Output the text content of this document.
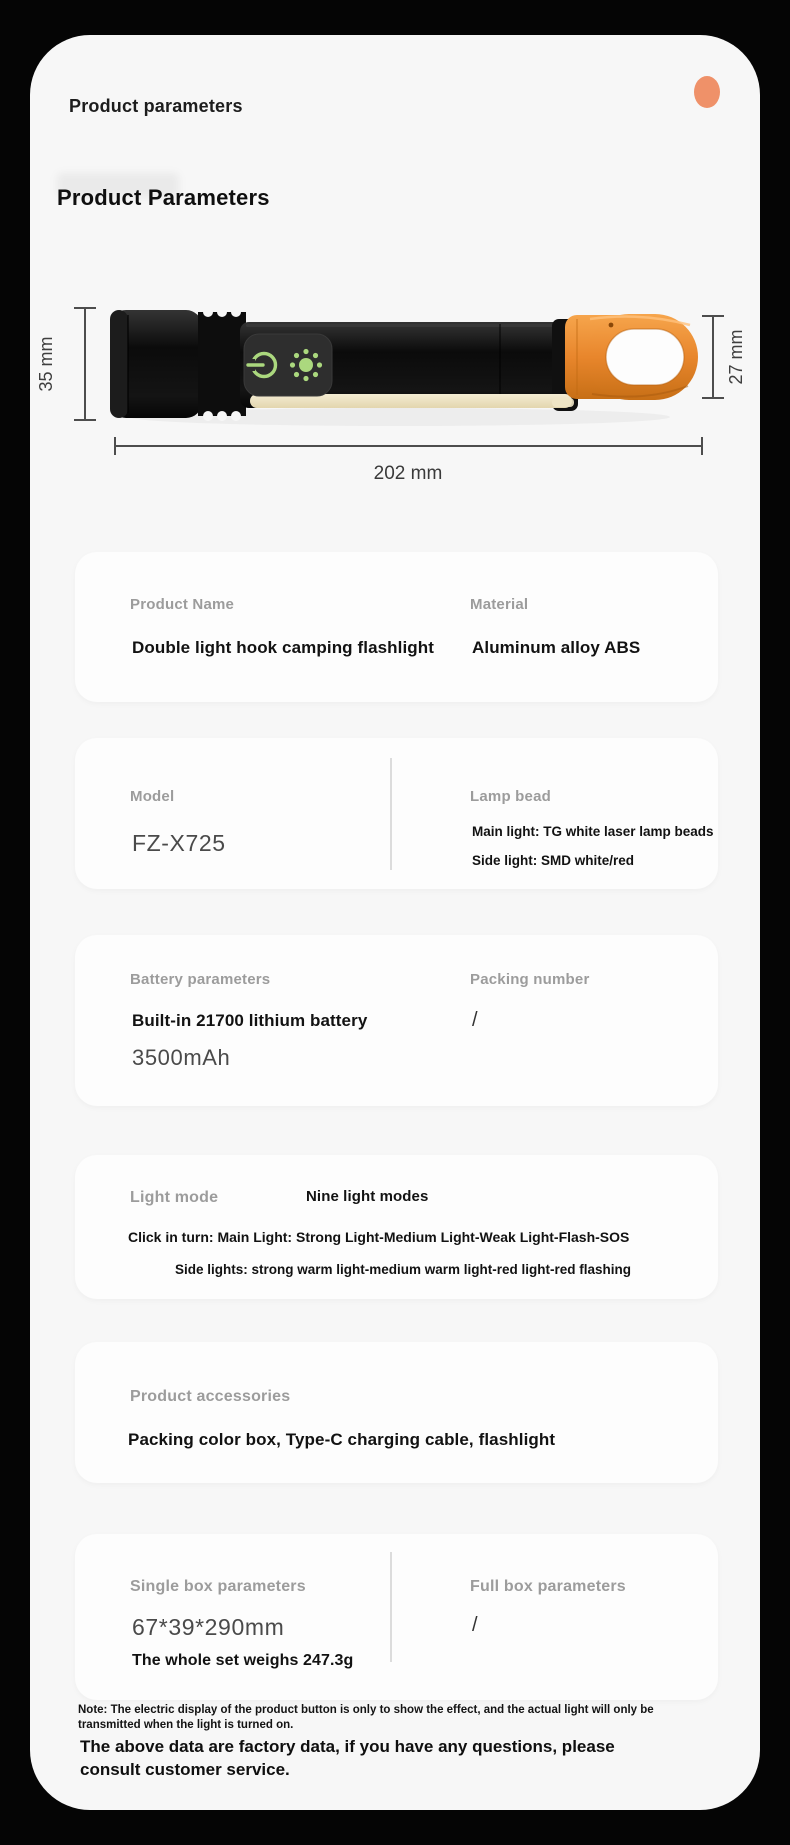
Product parameters
Product Parameters
35 mm	27 mm
202 mm
Product Name
Double light hook camping flashlight
Material
Aluminum alloy ABS
Model
FZ-X725
Lamp bead
Main light: TG white laser lamp beads
Side light: SMD white/red
Battery parameters
Built-in 21700 lithium battery
3500mAh
Packing number
/
Light mode	Nine light modes
Click in turn: Main Light: Strong Light-Medium Light-Weak Light-Flash-SOS
Side lights: strong warm light-medium warm light-red light-red flashing
Product accessories
Packing color box, Type-C charging cable, flashlight
Single box parameters
67*39*290mm
The whole set weighs 247.3g
Full box parameters
/
Note: The electric display of the product button is only to show the effect, and the actual light will only be transmitted when the light is turned on.
The above data are factory data, if you have any questions, please consult customer service.
